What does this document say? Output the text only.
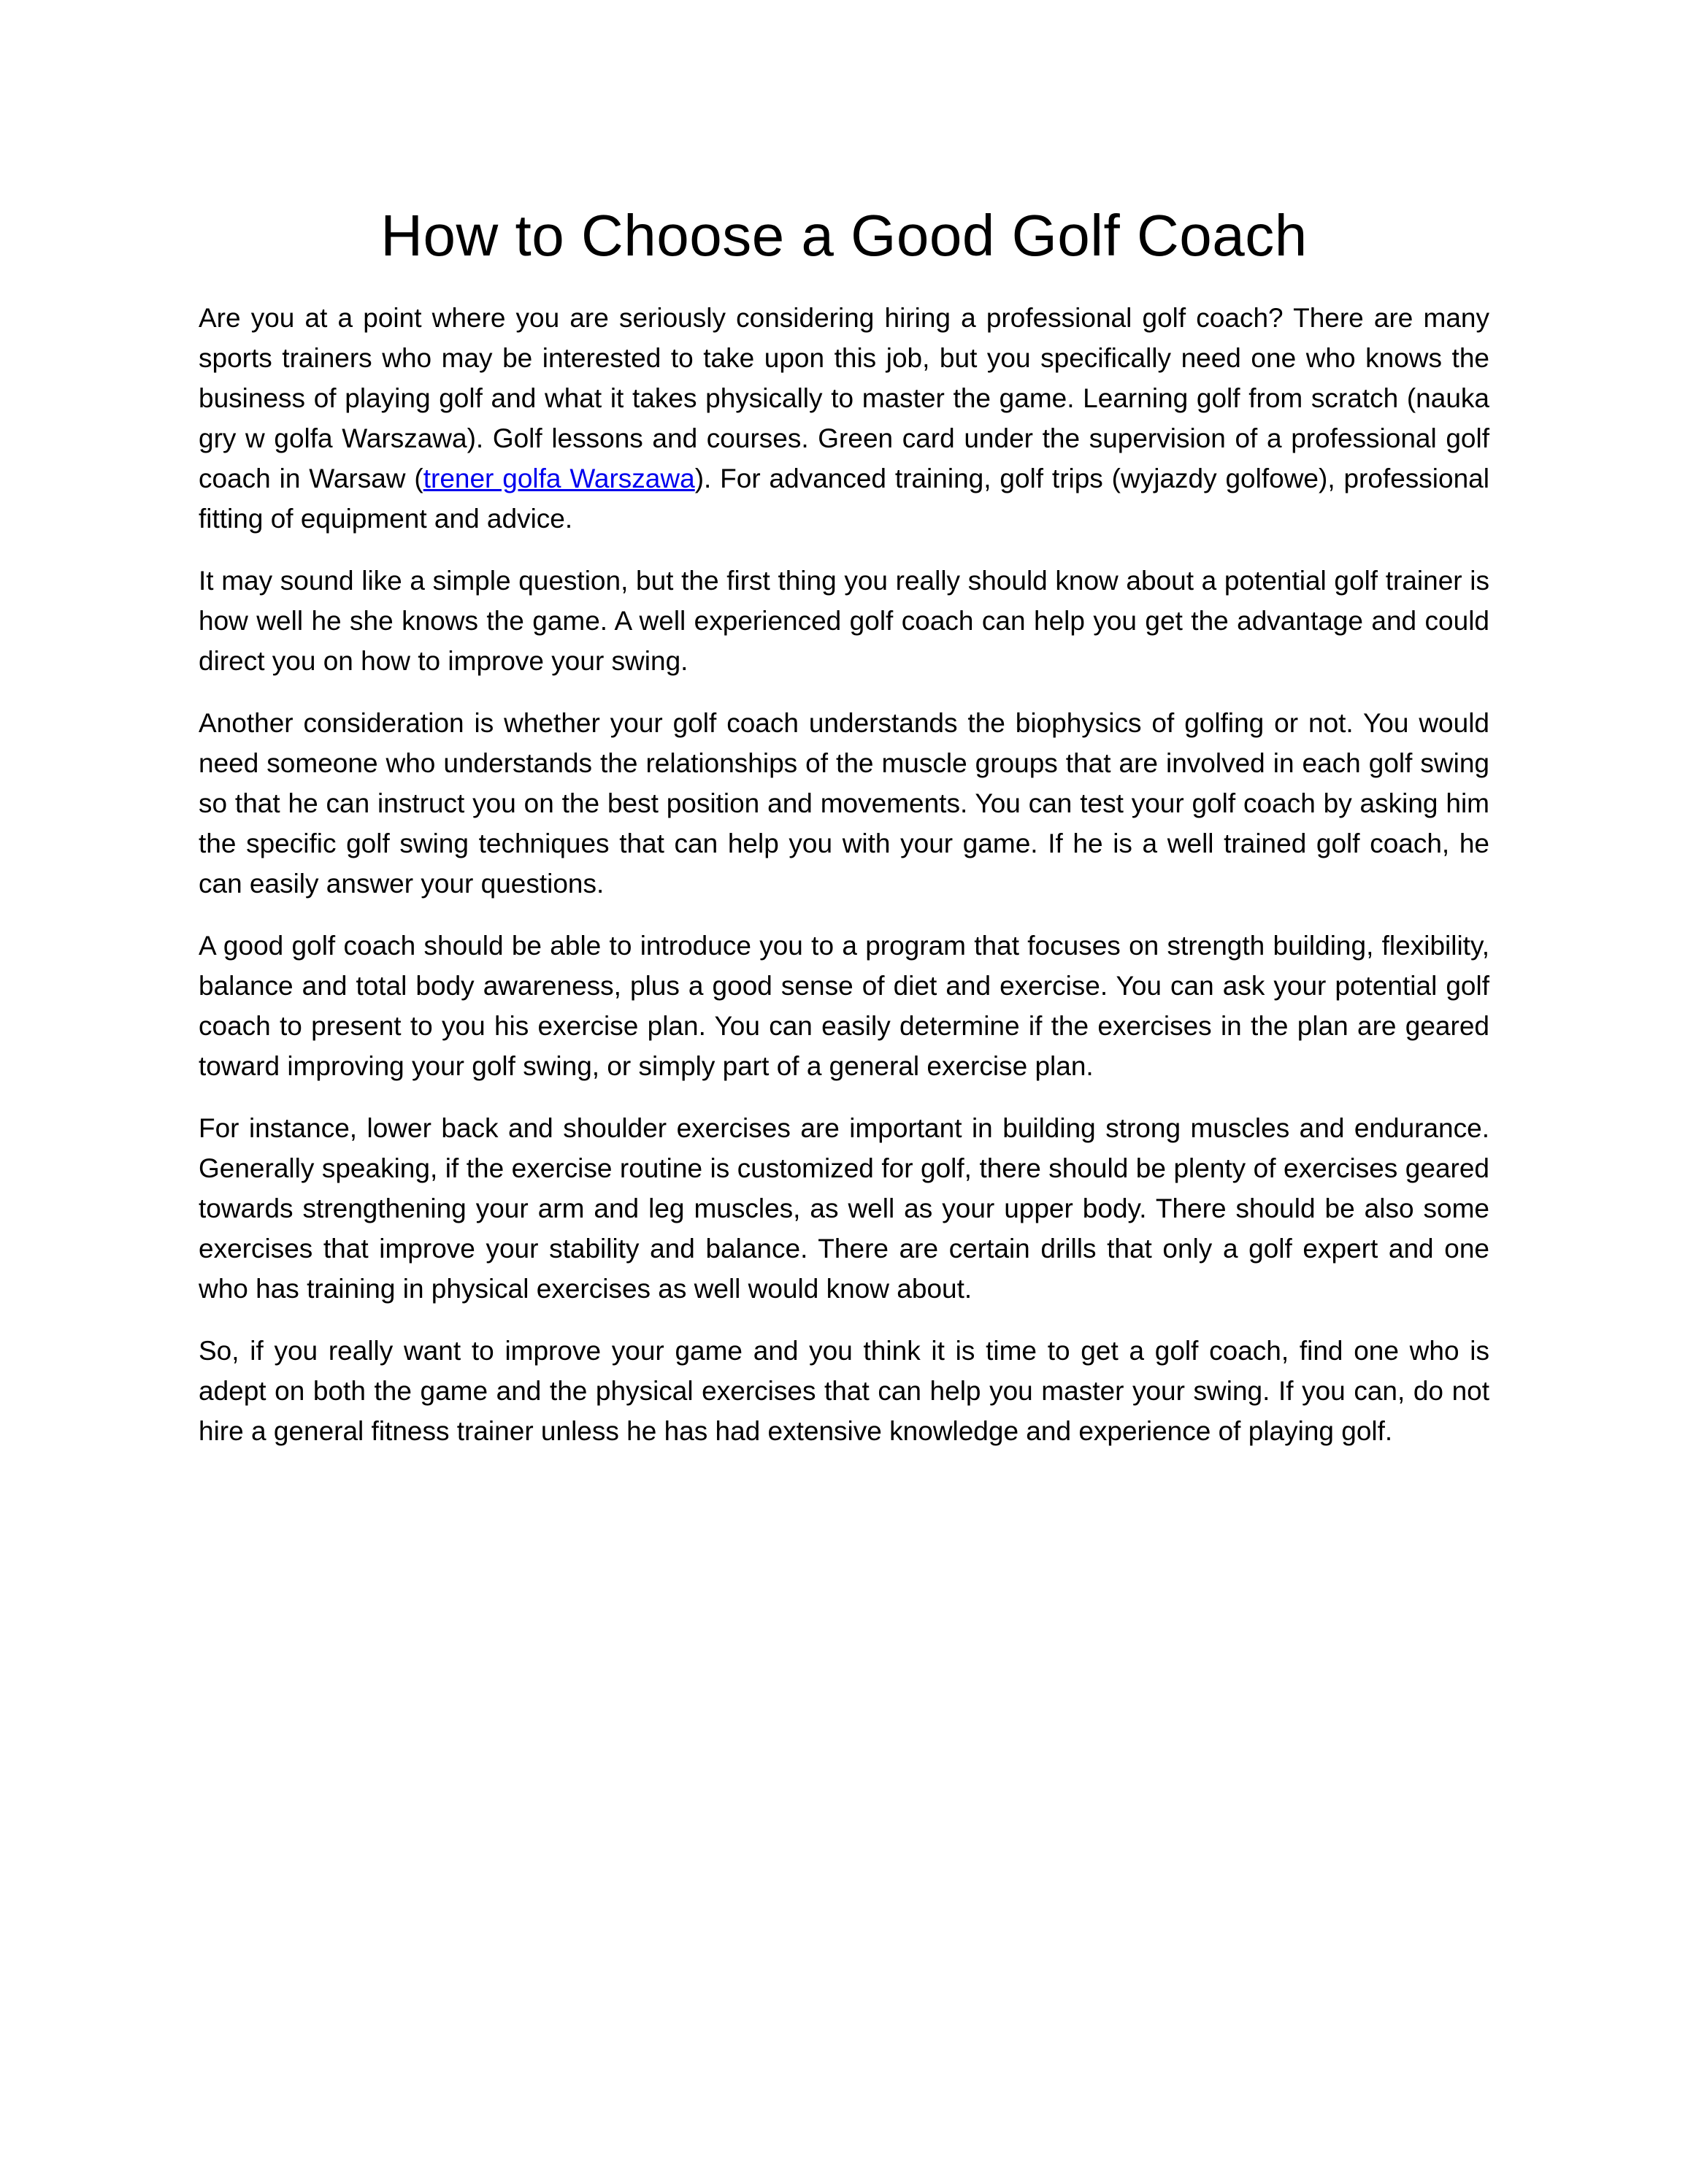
How to Choose a Good Golf Coach

Are you at a point where you are seriously considering hiring a professional golf coach? There are many sports trainers who may be interested to take upon this job, but you specifically need one who knows the business of playing golf and what it takes physically to master the game. Learning golf from scratch (nauka gry w golfa Warszawa). Golf lessons and courses. Green card under the supervision of a professional golf coach in Warsaw (trener golfa Warszawa). For advanced training, golf trips (wyjazdy golfowe), professional fitting of equipment and advice.

It may sound like a simple question, but the first thing you really should know about a potential golf trainer is how well he she knows the game. A well experienced golf coach can help you get the advantage and could direct you on how to improve your swing.

Another consideration is whether your golf coach understands the biophysics of golfing or not. You would need someone who understands the relationships of the muscle groups that are involved in each golf swing so that he can instruct you on the best position and movements. You can test your golf coach by asking him the specific golf swing techniques that can help you with your game. If he is a well trained golf coach, he can easily answer your questions.

A good golf coach should be able to introduce you to a program that focuses on strength building, flexibility, balance and total body awareness, plus a good sense of diet and exercise. You can ask your potential golf coach to present to you his exercise plan. You can easily determine if the exercises in the plan are geared toward improving your golf swing, or simply part of a general exercise plan.

For instance, lower back and shoulder exercises are important in building strong muscles and endurance. Generally speaking, if the exercise routine is customized for golf, there should be plenty of exercises geared towards strengthening your arm and leg muscles, as well as your upper body. There should be also some exercises that improve your stability and balance. There are certain drills that only a golf expert and one who has training in physical exercises as well would know about.

So, if you really want to improve your game and you think it is time to get a golf coach, find one who is adept on both the game and the physical exercises that can help you master your swing. If you can, do not hire a general fitness trainer unless he has had extensive knowledge and experience of playing golf.
